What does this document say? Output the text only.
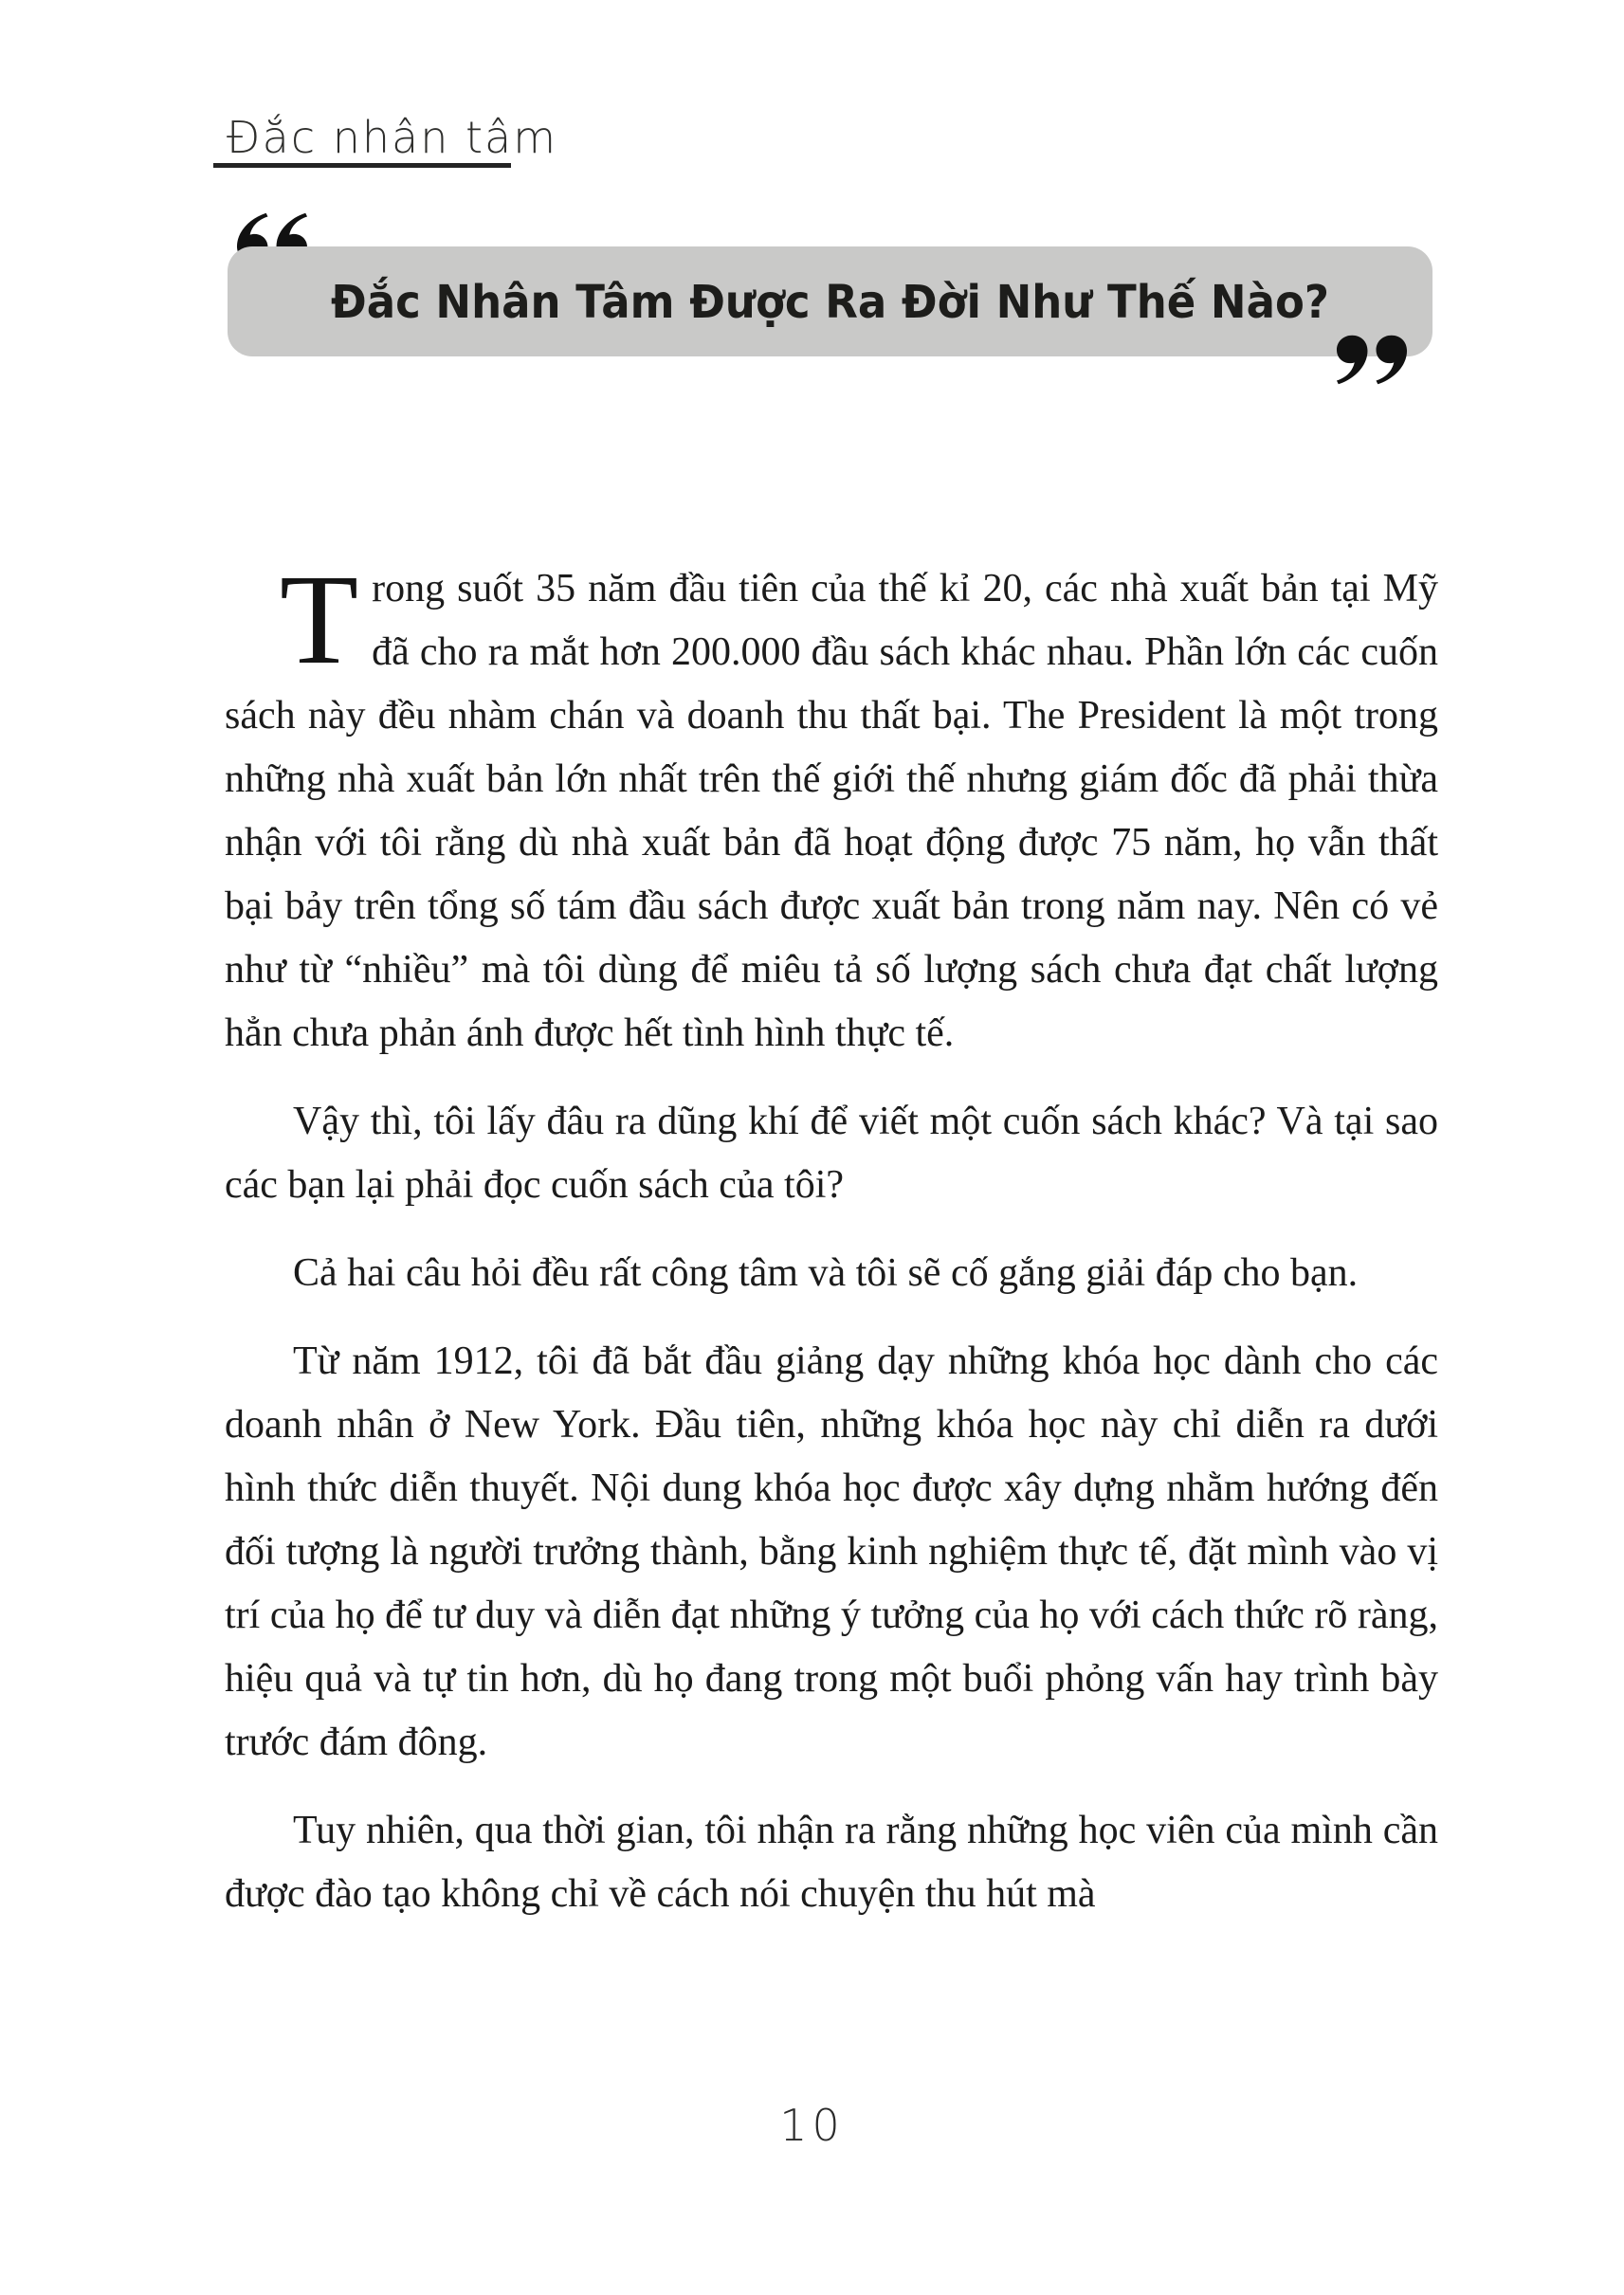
Đắc nhân tâm
Đắc Nhân Tâm Được Ra Đời Như Thế Nào?

Trong suốt 35 năm đầu tiên của thế kỉ 20, các nhà xuất bản tại Mỹ đã cho ra mắt hơn 200.000 đầu sách khác nhau. Phần lớn các cuốn sách này đều nhàm chán và doanh thu thất bại. The President là một trong những nhà xuất bản lớn nhất trên thế giới thế nhưng giám đốc đã phải thừa nhận với tôi rằng dù nhà xuất bản đã hoạt động được 75 năm, họ vẫn thất bại bảy trên tổng số tám đầu sách được xuất bản trong năm nay. Nên có vẻ như từ “nhiều” mà tôi dùng để miêu tả số lượng sách chưa đạt chất lượng hẳn chưa phản ánh được hết tình hình thực tế.

Vậy thì, tôi lấy đâu ra dũng khí để viết một cuốn sách khác? Và tại sao các bạn lại phải đọc cuốn sách của tôi?

Cả hai câu hỏi đều rất công tâm và tôi sẽ cố gắng giải đáp cho bạn.

Từ năm 1912, tôi đã bắt đầu giảng dạy những khóa học dành cho các doanh nhân ở New York. Đầu tiên, những khóa học này chỉ diễn ra dưới hình thức diễn thuyết. Nội dung khóa học được xây dựng nhằm hướng đến đối tượng là người trưởng thành, bằng kinh nghiệm thực tế, đặt mình vào vị trí của họ để tư duy và diễn đạt những ý tưởng của họ với cách thức rõ ràng, hiệu quả và tự tin hơn, dù họ đang trong một buổi phỏng vấn hay trình bày trước đám đông.

Tuy nhiên, qua thời gian, tôi nhận ra rằng những học viên của mình cần được đào tạo không chỉ về cách nói chuyện thu hút mà

10
